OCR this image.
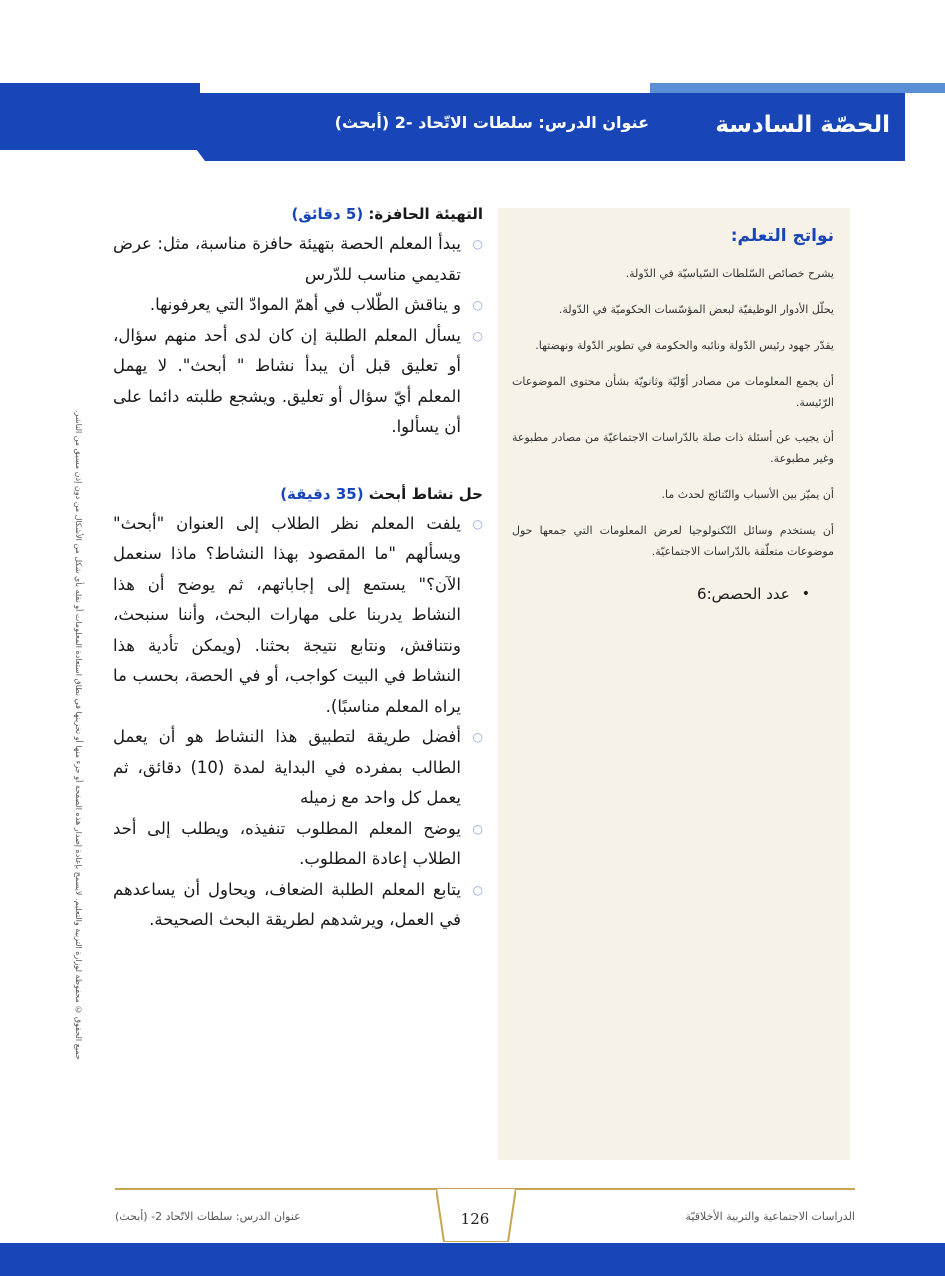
الحصّة السادسة
عنوان الدرس: سلطات الاتّحاد -2 (أبحث)
جميع الحقوق © محفوظة لوزارة التربية والتعليم. لايسمح بإعادة إصدار هذه الصفحة أو جزء منها أو تخزينها في نطاق استعادة المعلومات أو نقله بأي شكل من الأشكال من دون إذن مسبق من الناشر.
نواتج التعلم:

يشرح خصائص السّلطات السّياسيّة في الدّولة.

يحلّل الأدوار الوظيفيّة لبعض المؤسّسات الحكوميّة في الدّولة.

يقدّر جهود رئيس الدّولة ونائبه والحكومة في تطوير الدّولة ونهضتها.

أن يجمع المعلومات من مصادر أوّليّة وثانويّة بشأن محتوى الموضوعات الرّئيسة.

أن يجيب عن أسئلة ذات صلة بالدّراسات الاجتماعيّة من مصادر مطبوعة وغير مطبوعة.

أن يميّز بين الأسباب والنّتائج لحدث ما.

أن يستخدم وسائل التّكنولوجيا لعرض المعلومات التي جمعها حول موضوعات متعلّقة بالدّراسات الاجتماعيّة.

•
عدد الحصص:6
التهيئة الحافزة: (5 دقائق)
○
يبدأ المعلم الحصة بتهيئة حافزة مناسبة، مثل: عرض تقديمي مناسب للدّرس
○
و يناقش الطّلاب في أهمّ الموادّ التي يعرفونها.
○
يسأل المعلم الطلبة إن كان لدى أحد منهم سؤال، أو تعليق قبل أن يبدأ نشاط " أبحث". لا يهمل المعلم أيّ سؤال أو تعليق. ويشجع طلبته دائما على أن يسألوا.
حل نشاط أبحث (35 دقيقة)
○
يلفت المعلم نظر الطلاب إلى العنوان "أبحث" ويسألهم "ما المقصود بهذا النشاط؟ ماذا سنعمل الآن؟" يستمع إلى إجاباتهم، ثم يوضح أن هذا النشاط يدربنا على مهارات البحث، وأننا سنبحث، ونتناقش، ونتابع نتيجة بحثنا. (ويمكن تأدية هذا النشاط في البيت كواجب، أو في الحصة، بحسب ما يراه المعلم مناسبًا).
○
أفضل طريقة لتطبيق هذا النشاط هو أن يعمل الطالب بمفرده في البداية لمدة (10) دقائق، ثم يعمل كل واحد مع زميله
○
يوضح المعلم المطلوب تنفيذه، ويطلب إلى أحد الطلاب إعادة المطلوب.
○
يتابع المعلم الطلبة الضعاف، ويحاول أن يساعدهم في العمل، ويرشدهم لطريقة البحث الصحيحة.
126	الدراسات الاجتماعية والتربية الأخلاقيّة
عنوان الدرس: سلطات الاتّحاد 2- (أبحث)
